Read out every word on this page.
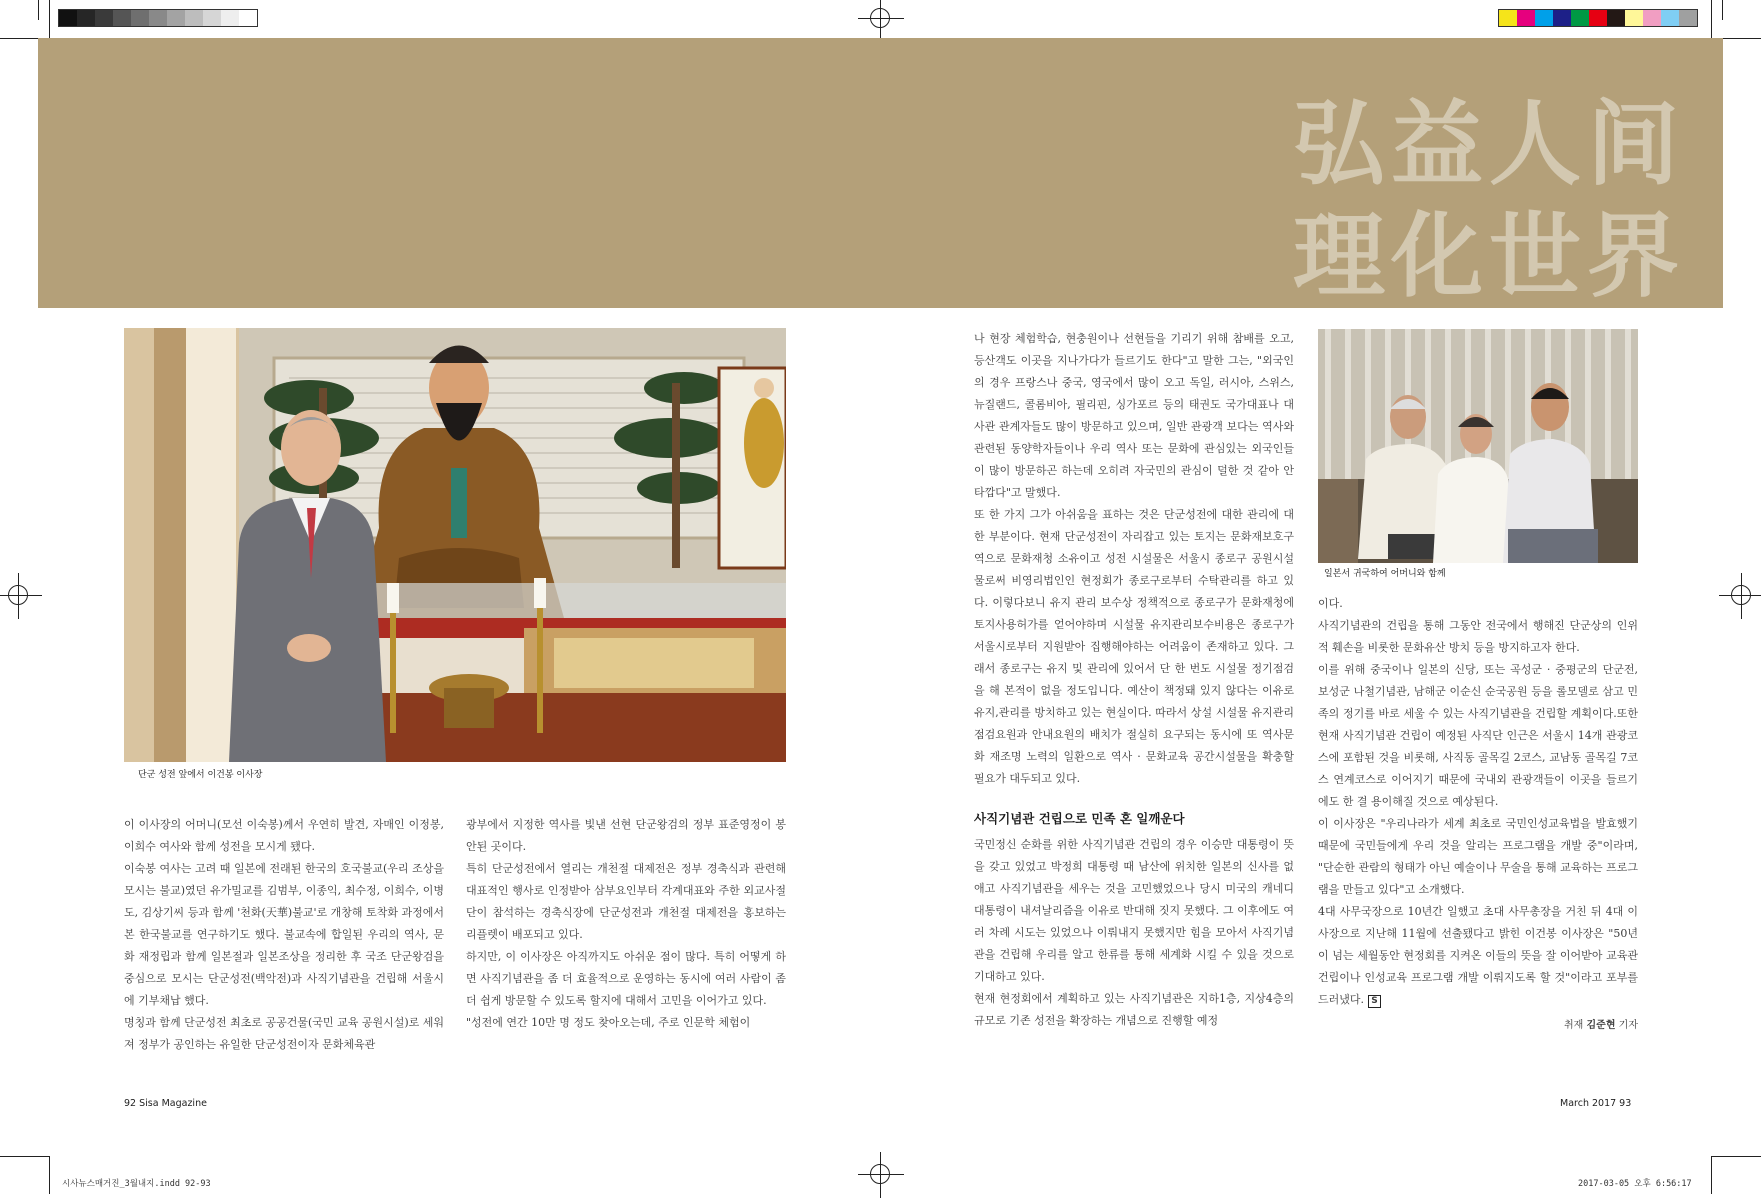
弘益人间
理化世界
단군 성전 앞에서 이건봉 이사장
일본서 귀국하여 어머니와 함께

이 이사장의 어머니(모선 이숙봉)께서 우연히 발견, 자매인 이정봉, 이희수 여사와 함께 성전을 모시게 됐다.

이숙봉 여사는 고려 때 일본에 전래된 한국의 호국불교(우리 조상을 모시는 불교)였던 유가밀교를 김범부, 이종익, 최수정, 이희수, 이병도, 김상기씨 등과 함께 '천화(天華)불교'로 개창해 토착화 과정에서 본 한국불교를 연구하기도 했다. 불교속에 합일된 우리의 역사, 문화 재정립과 함께 일본절과 일본조상을 정리한 후 국조 단군왕검을 중심으로 모시는 단군성전(백악전)과 사직기념관을 건립해 서울시에 기부채납 했다.

명칭과 함께 단군성전 최초로 공공건물(국민 교육 공원시설)로 세워져 정부가 공인하는 유일한 단군성전이자 문화체육관

광부에서 지정한 역사를 빛낸 선현 단군왕검의 정부 표준영정이 봉안된 곳이다.

특히 단군성전에서 열리는 개천절 대제전은 정부 경축식과 관련해 대표적인 행사로 인정받아 삼부요인부터 각계대표와 주한 외교사절단이 참석하는 경축식장에 단군성전과 개천절 대제전을 홍보하는 리플렛이 배포되고 있다.

하지만, 이 이사장은 아직까지도 아쉬운 점이 많다. 특히 어떻게 하면 사직기념관을 좀 더 효율적으로 운영하는 동시에 여러 사람이 좀 더 쉽게 방문할 수 있도록 할지에 대해서 고민을 이어가고 있다.

"성전에 연간 10만 명 정도 찾아오는데, 주로 인문학 체험이

나 현장 체험학습, 현충원이나 선현들을 기리기 위해 참배를 오고, 등산객도 이곳을 지나가다가 들르기도 한다"고 말한 그는, "외국인의 경우 프랑스나 중국, 영국에서 많이 오고 독일, 러시아, 스위스, 뉴질랜드, 콜롬비아, 필리핀, 싱가포르 등의 태권도 국가대표나 대사관 관계자들도 많이 방문하고 있으며, 일반 관광객 보다는 역사와 관련된 동양학자들이나 우리 역사 또는 문화에 관심있는 외국인들이 많이 방문하곤 하는데 오히려 자국민의 관심이 덜한 것 같아 안타깝다"고 말했다.

또 한 가지 그가 아쉬움을 표하는 것은 단군성전에 대한 관리에 대한 부분이다. 현재 단군성전이 자리잡고 있는 토지는 문화재보호구역으로 문화재청 소유이고 성전 시설물은 서울시 종로구 공원시설물로써 비영리법인인 현정회가 종로구로부터 수탁관리를 하고 있다. 이렇다보니 유지 관리 보수상 정책적으로 종로구가 문화재청에 토지사용허가를 얻어야하며 시설물 유지관리보수비용은 종로구가 서울시로부터 지원받아 집행해야하는 어려움이 존재하고 있다. 그래서 종로구는 유지 및 관리에 있어서 단 한 번도 시설물 정기점검을 해 본적이 없을 정도입니다. 예산이 책정돼 있지 않다는 이유로 유지,관리를 방치하고 있는 현실이다. 따라서 상설 시설물 유지관리 점검요원과 안내요원의 배치가 절실히 요구되는 동시에 또 역사문화 재조명 노력의 일환으로 역사 · 문화교육 공간시설물을 확충할 필요가 대두되고 있다.

사직기념관 건립으로 민족 혼 일깨운다

국민정신 순화를 위한 사직기념관 건립의 경우 이승만 대통령이 뜻을 갖고 있었고 박정희 대통령 때 남산에 위치한 일본의 신사를 없애고 사직기념관을 세우는 것을 고민했었으나 당시 미국의 캐네디 대통령이 내셔날리즘을 이유로 반대해 짓지 못했다. 그 이후에도 여러 차례 시도는 있었으나 이뤄내지 못했지만 힘을 모아서 사직기념관을 건립해 우리를 알고 한류를 통해 세계화 시킬 수 있을 것으로 기대하고 있다.

현재 현정회에서 계획하고 있는 사직기념관은 지하1층, 지상4층의 규모로 기존 성전을 확장하는 개념으로 진행할 예정

이다.

사직기념관의 건립을 통해 그동안 전국에서 행해진 단군상의 인위적 훼손을 비롯한 문화유산 방치 등을 방지하고자 한다.

이를 위해 중국이나 일본의 신당, 또는 곡성군 · 중평군의 단군전, 보성군 나철기념관, 남해군 이순신 순국공원 등을 롤모델로 삼고 민족의 정기를 바로 세울 수 있는 사직기념관을 건립할 계획이다.또한 현재 사직기념관 건립이 예정된 사직단 인근은 서울시 14개 관광코스에 포함된 것을 비롯해, 사직동 골목길 2코스, 교남동 골목길 7코스 연계코스로 이어지기 때문에 국내외 관광객들이 이곳을 들르기에도 한 결 용이해질 것으로 예상된다.

이 이사장은 "우리나라가 세계 최초로 국민인성교육법을 발효했기 때문에 국민들에게 우리 것을 알리는 프로그램을 개발 중"이라며, "단순한 관람의 형태가 아닌 예술이나 무술을 통해 교육하는 프로그램을 만들고 있다"고 소개했다.

4대 사무국장으로 10년간 일했고 초대 사무총장을 거친 뒤 4대 이사장으로 지난해 11월에 선출됐다고 밝힌 이건봉 이사장은 "50년이 넘는 세월동안 현정회를 지켜온 이들의 뜻을 잘 이어받아 교육관 건립이나 인성교육 프로그램 개발 이뤄지도록 할 것"이라고 포부를 드러냈다. S

취재 김준현 기자

92 Sisa Magazine	March 2017 93
시사뉴스매거진_3월내지.indd 92-93	2017-03-05 오후 6:56:17
